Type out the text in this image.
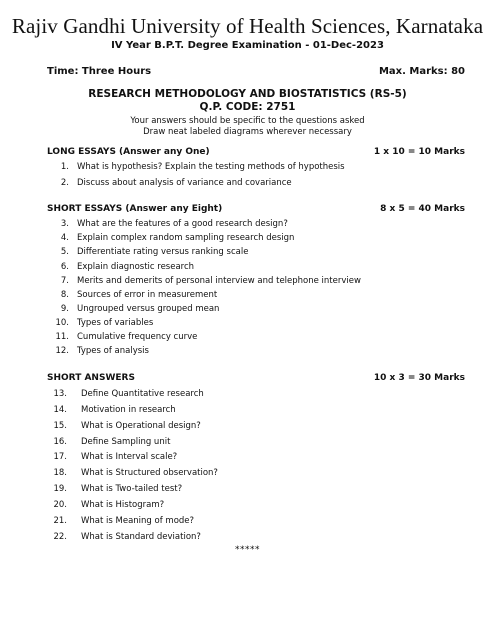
Rajiv Gandhi University of Health Sciences, Karnataka
IV Year B.P.T. Degree Examination - 01-Dec-2023
Time: Three Hours	Max. Marks: 80
RESEARCH METHODOLOGY AND BIOSTATISTICS (RS-5)
Q.P. CODE: 2751
Your answers should be specific to the questions asked
Draw neat labeled diagrams wherever necessary
LONG ESSAYS (Answer any One)	1 x 10 = 10 Marks
1. What is hypothesis? Explain the testing methods of hypothesis
2. Discuss about analysis of variance and covariance
SHORT ESSAYS (Answer any Eight)	8 x 5 = 40 Marks
3. What are the features of a good research design?
4. Explain complex random sampling research design
5. Differentiate rating versus ranking scale
6. Explain diagnostic research
7. Merits and demerits of personal interview and telephone interview
8. Sources of error in measurement
9. Ungrouped versus grouped mean
10. Types of variables
11. Cumulative frequency curve
12. Types of analysis
SHORT ANSWERS	10 x 3 = 30 Marks
13. Define Quantitative research
14. Motivation in research
15. What is Operational design?
16. Define Sampling unit
17. What is Interval scale?
18. What is Structured observation?
19. What is Two-tailed test?
20. What is Histogram?
21. What is Meaning of mode?
22. What is Standard deviation?
*****
